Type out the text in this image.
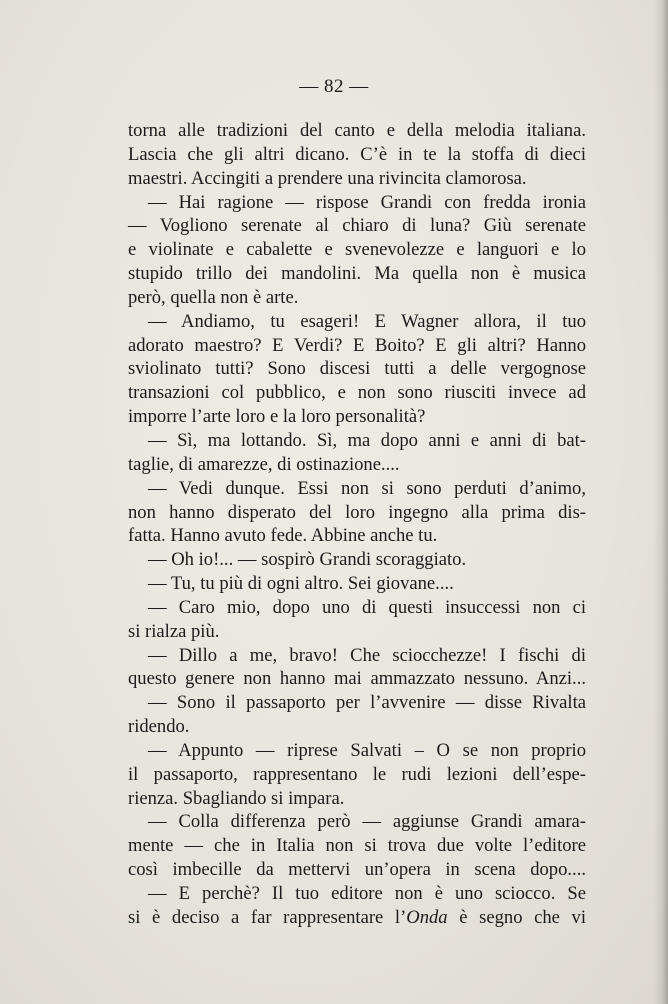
— 82 —
torna alle tradizioni del canto e della melodia italiana.
Lascia che gli altri dicano. C’è in te la stoffa di dieci
maestri. Accingiti a prendere una rivincita clamorosa.
— Hai ragione — rispose Grandi con fredda ironia
— Vogliono serenate al chiaro di luna? Giù serenate
e violinate e cabalette e svenevolezze e languori e lo
stupido trillo dei mandolini. Ma quella non è musica
però, quella non è arte.
— Andiamo, tu esageri! E Wagner allora, il tuo
adorato maestro? E Verdi? E Boito? E gli altri? Hanno
sviolinato tutti? Sono discesi tutti a delle vergognose
transazioni col pubblico, e non sono riusciti invece ad
imporre l’arte loro e la loro personalità?
— Sì, ma lottando. Sì, ma dopo anni e anni di bat-
taglie, di amarezze, di ostinazione....
— Vedi dunque. Essi non si sono perduti d’animo,
non hanno disperato del loro ingegno alla prima dis-
fatta. Hanno avuto fede. Abbine anche tu.
— Oh io!... — sospirò Grandi scoraggiato.
— Tu, tu più di ogni altro. Sei giovane....
— Caro mio, dopo uno di questi insuccessi non ci
si rialza più.
— Dillo a me, bravo! Che sciocchezze! I fischi di
questo genere non hanno mai ammazzato nessuno. Anzi...
— Sono il passaporto per l’avvenire — disse Rivalta
ridendo.
— Appunto — riprese Salvati – O se non proprio
il passaporto, rappresentano le rudi lezioni dell’espe-
rienza. Sbagliando si impara.
— Colla differenza però — aggiunse Grandi amara-
mente — che in Italia non si trova due volte l’editore
così imbecille da mettervi un’opera in scena dopo....
— E perchè? Il tuo editore non è uno sciocco. Se
si è deciso a far rappresentare l’Onda è segno che vi
